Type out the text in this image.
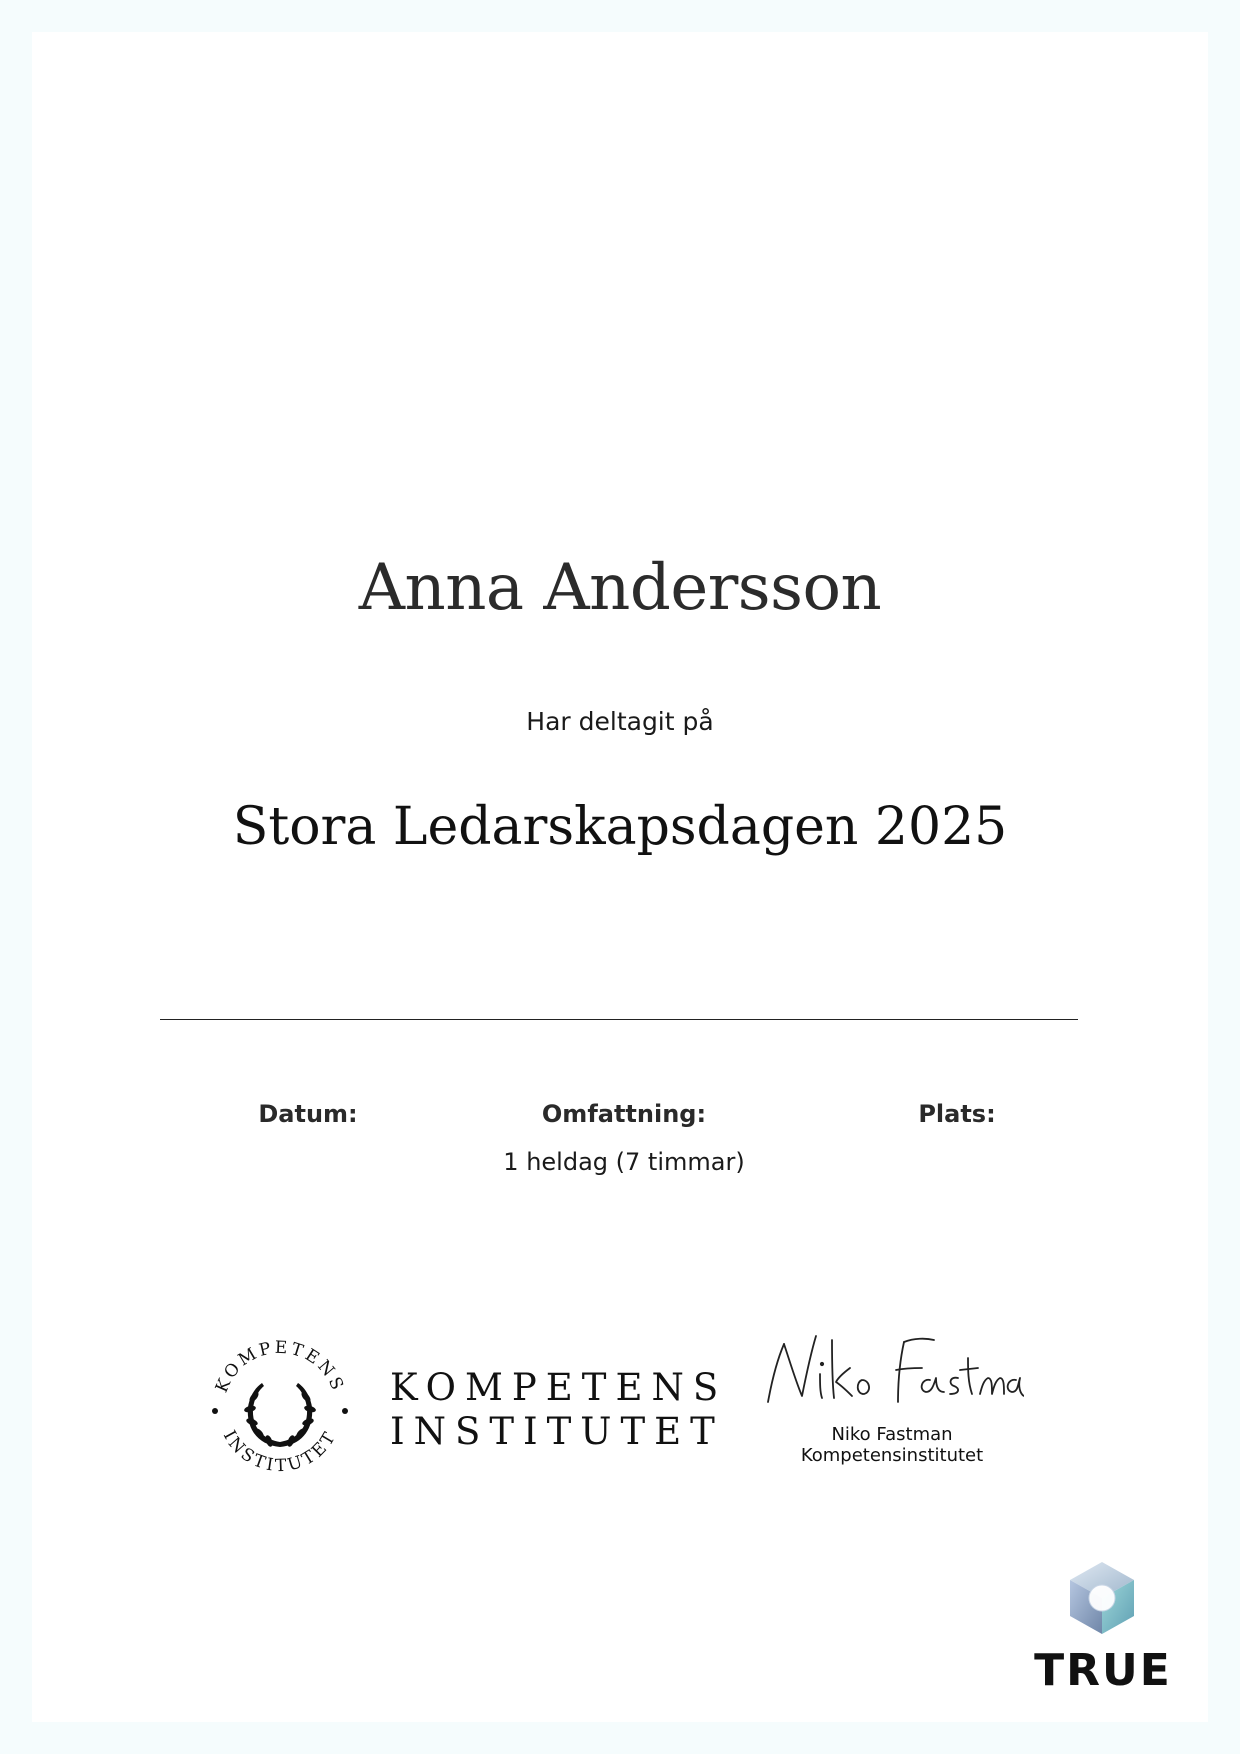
Anna Andersson
Har deltagit på
Stora Ledarskapsdagen 2025
Datum:	Omfattning:
1 heldag (7 timmar)
Plats:
KOMPETENS
INSTITUTET
KOMPETENS
INSTITUTET	Niko Fastman
Kompetensinstitutet
TRUE
